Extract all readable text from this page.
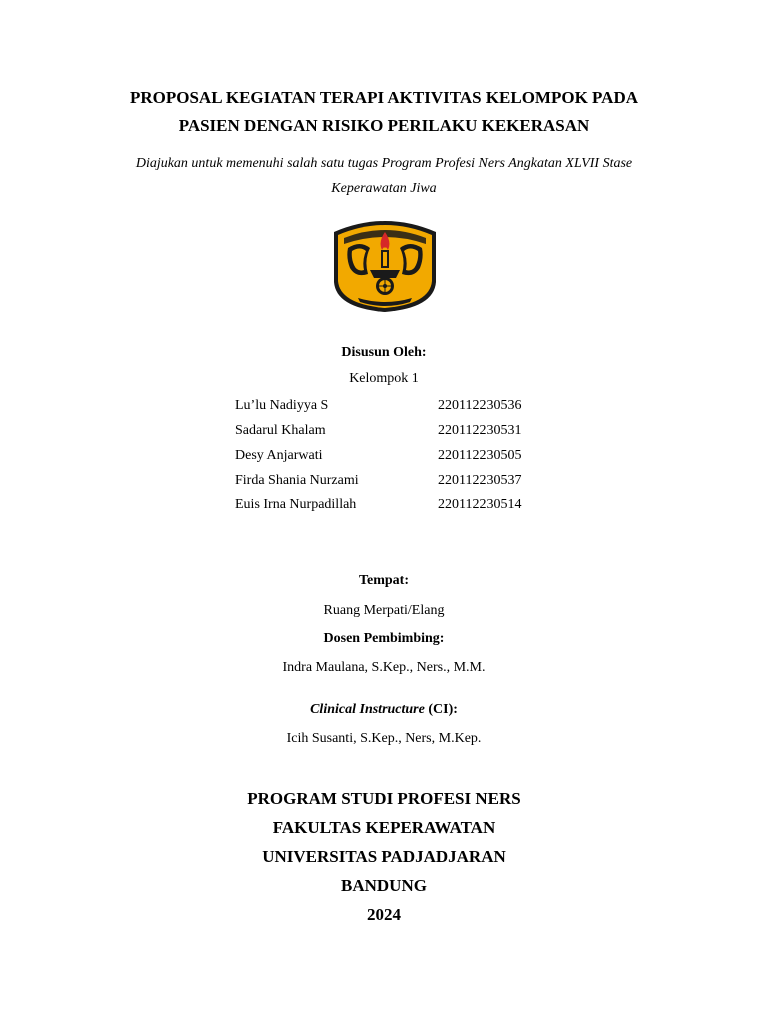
PROPOSAL KEGIATAN TERAPI AKTIVITAS KELOMPOK PADA
PASIEN DENGAN RISIKO PERILAKU KEKERASAN
Diajukan untuk memenuhi salah satu tugas Program Profesi Ners Angkatan XLVII Stase
Keperawatan Jiwa
Disusun Oleh:
Kelompok 1
Lu’lu Nadiyya S	220112230536
Sadarul Khalam	220112230531
Desy Anjarwati	220112230505
Firda Shania Nurzami	220112230537
Euis Irna Nurpadillah	220112230514
Tempat:
Ruang Merpati/Elang
Dosen Pembimbing:
Indra Maulana, S.Kep., Ners., M.M.
Clinical Instructure (CI):
Icih Susanti, S.Kep., Ners, M.Kep.
PROGRAM STUDI PROFESI NERS
FAKULTAS KEPERAWATAN
UNIVERSITAS PADJADJARAN
BANDUNG
2024
